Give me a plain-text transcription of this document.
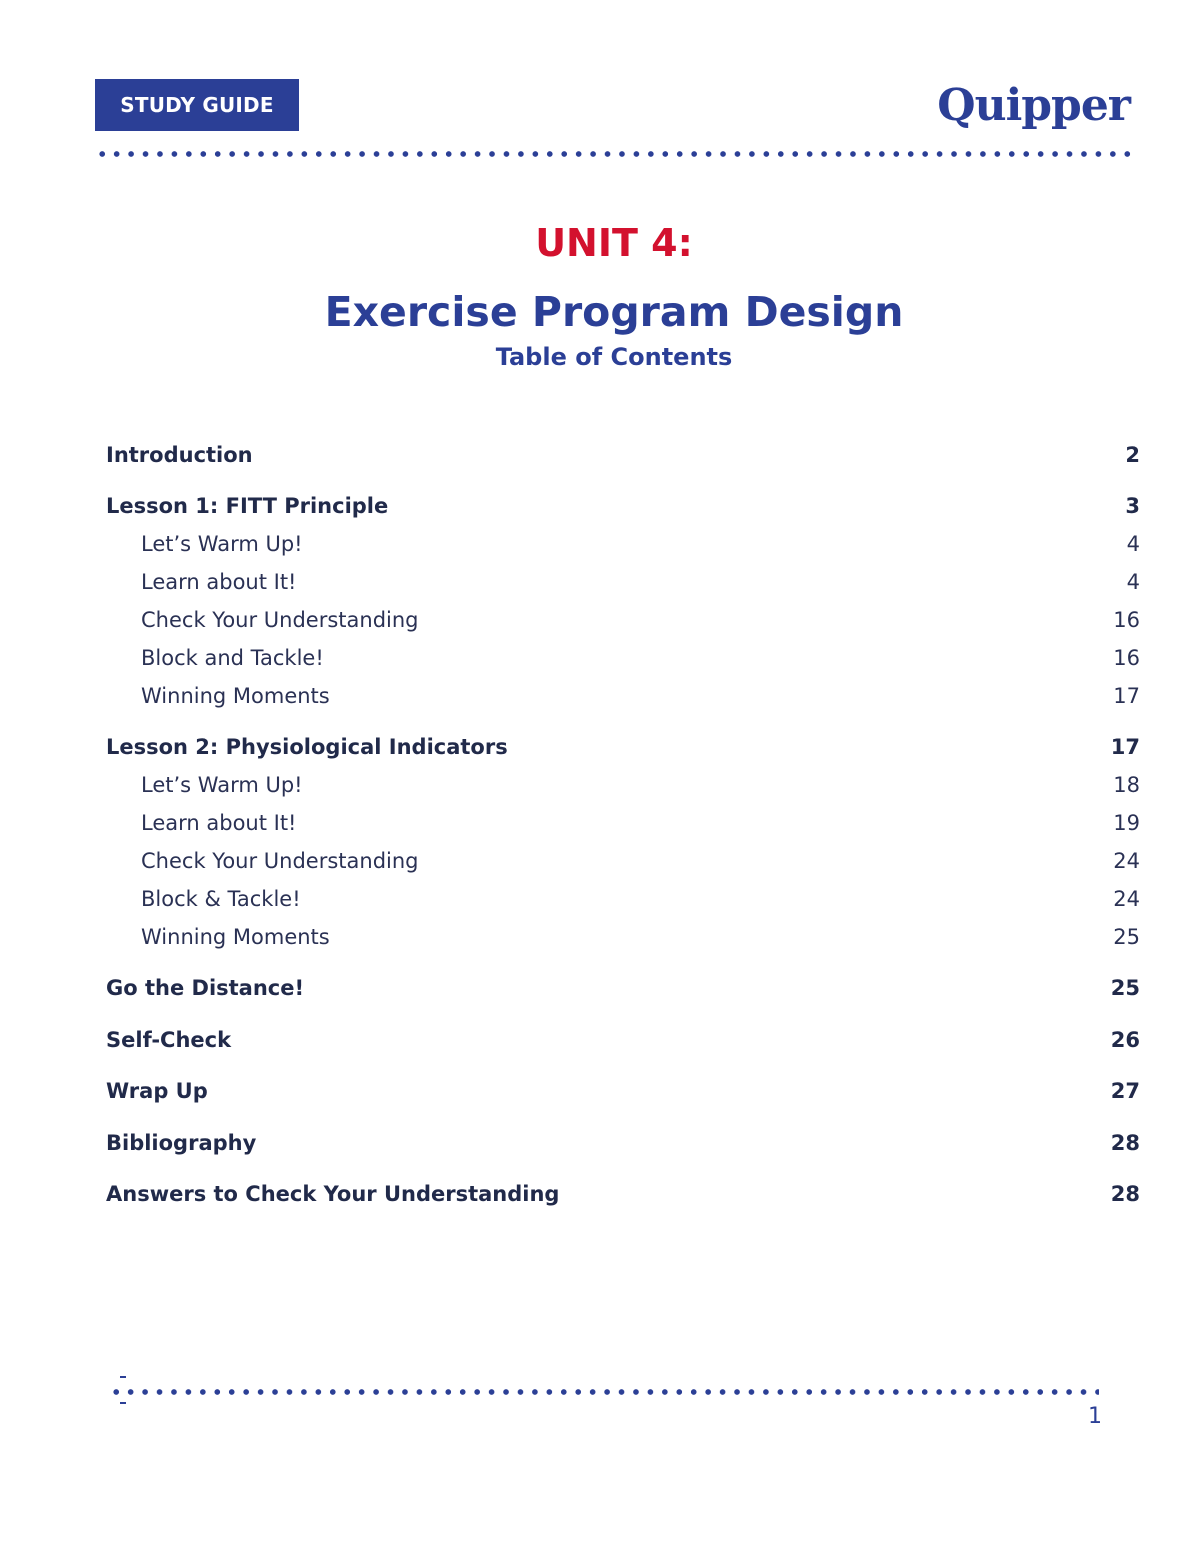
STUDY GUIDE	Quipper
UNIT 4:
Exercise Program Design
Table of Contents
Introduction	2
Lesson 1: FITT Principle	3
Let’s Warm Up!	4
Learn about It!	4
Check Your Understanding	16
Block and Tackle!	16
Winning Moments	17
Lesson 2: Physiological Indicators	17
Let’s Warm Up!	18
Learn about It!	19
Check Your Understanding	24
Block & Tackle!	24
Winning Moments	25
Go the Distance!	25
Self-Check	26
Wrap Up	27
Bibliography	28
Answers to Check Your Understanding	28
1
